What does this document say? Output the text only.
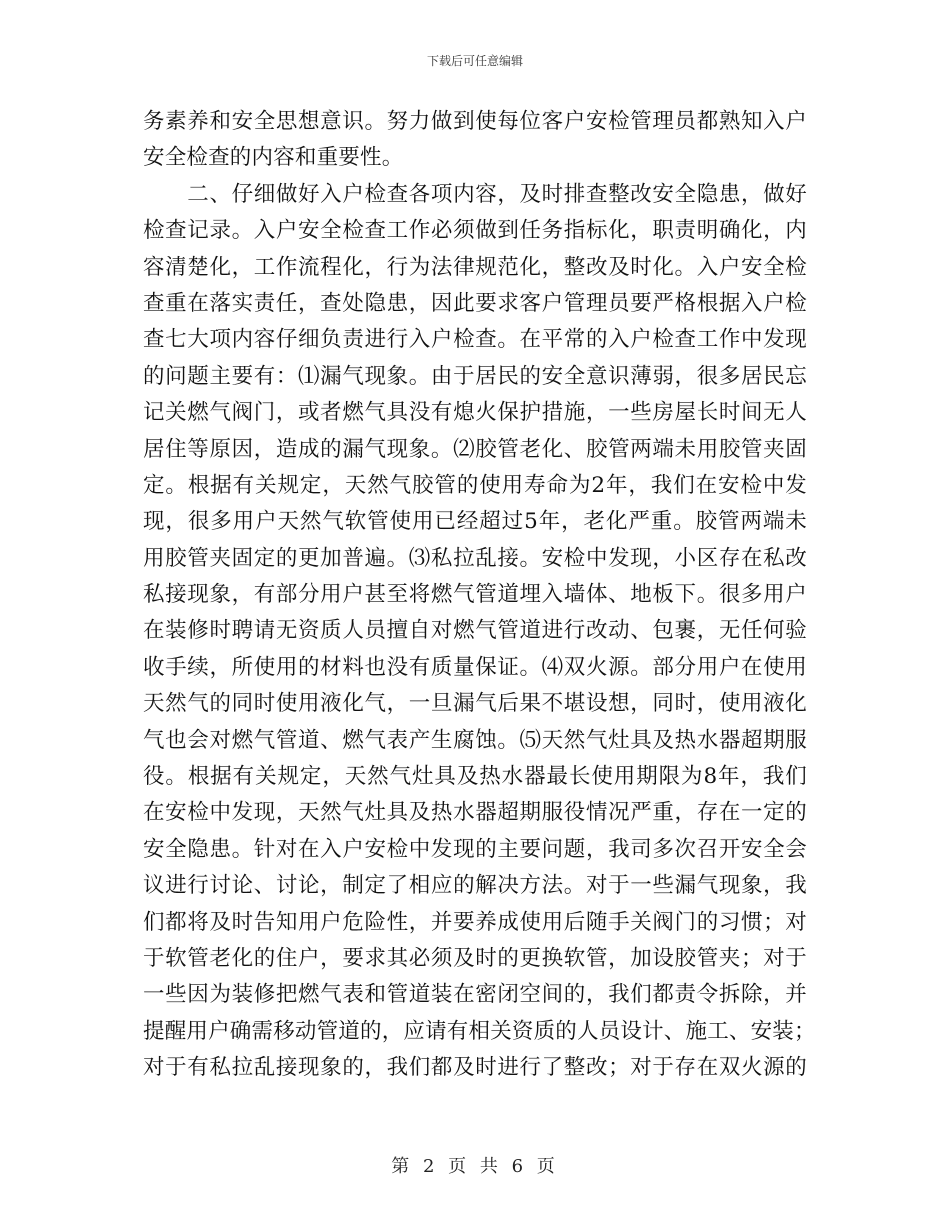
下载后可任意编辑
务素养和安全思想意识。努力做到使每位客户安检管理员都熟知入户
安全检查的内容和重要性。
　　二、仔细做好入户检查各项内容，及时排查整改安全隐患，做好
检查记录。入户安全检查工作必须做到任务指标化，职责明确化，内
容清楚化，工作流程化，行为法律规范化，整改及时化。入户安全检
查重在落实责任，查处隐患，因此要求客户管理员要严格根据入户检
查七大项内容仔细负责进行入户检查。在平常的入户检查工作中发现
的问题主要有：⑴漏气现象。由于居民的安全意识薄弱，很多居民忘
记关燃气阀门，或者燃气具没有熄火保护措施，一些房屋长时间无人
居住等原因，造成的漏气现象。⑵胶管老化、胶管两端未用胶管夹固
定。根据有关规定，天然气胶管的使用寿命为2年，我们在安检中发
现，很多用户天然气软管使用已经超过5年，老化严重。胶管两端未
用胶管夹固定的更加普遍。⑶私拉乱接。安检中发现，小区存在私改
私接现象，有部分用户甚至将燃气管道埋入墙体、地板下。很多用户
在装修时聘请无资质人员擅自对燃气管道进行改动、包裹，无任何验
收手续，所使用的材料也没有质量保证。⑷双火源。部分用户在使用
天然气的同时使用液化气，一旦漏气后果不堪设想，同时，使用液化
气也会对燃气管道、燃气表产生腐蚀。⑸天然气灶具及热水器超期服
役。根据有关规定，天然气灶具及热水器最长使用期限为8年，我们
在安检中发现，天然气灶具及热水器超期服役情况严重，存在一定的
安全隐患。针对在入户安检中发现的主要问题，我司多次召开安全会
议进行讨论、讨论，制定了相应的解决方法。对于一些漏气现象，我
们都将及时告知用户危险性，并要养成使用后随手关阀门的习惯；对
于软管老化的住户，要求其必须及时的更换软管，加设胶管夹；对于
一些因为装修把燃气表和管道装在密闭空间的，我们都责令拆除，并
提醒用户确需移动管道的，应请有相关资质的人员设计、施工、安装；
对于有私拉乱接现象的，我们都及时进行了整改；对于存在双火源的
第 2 页 共 6 页
